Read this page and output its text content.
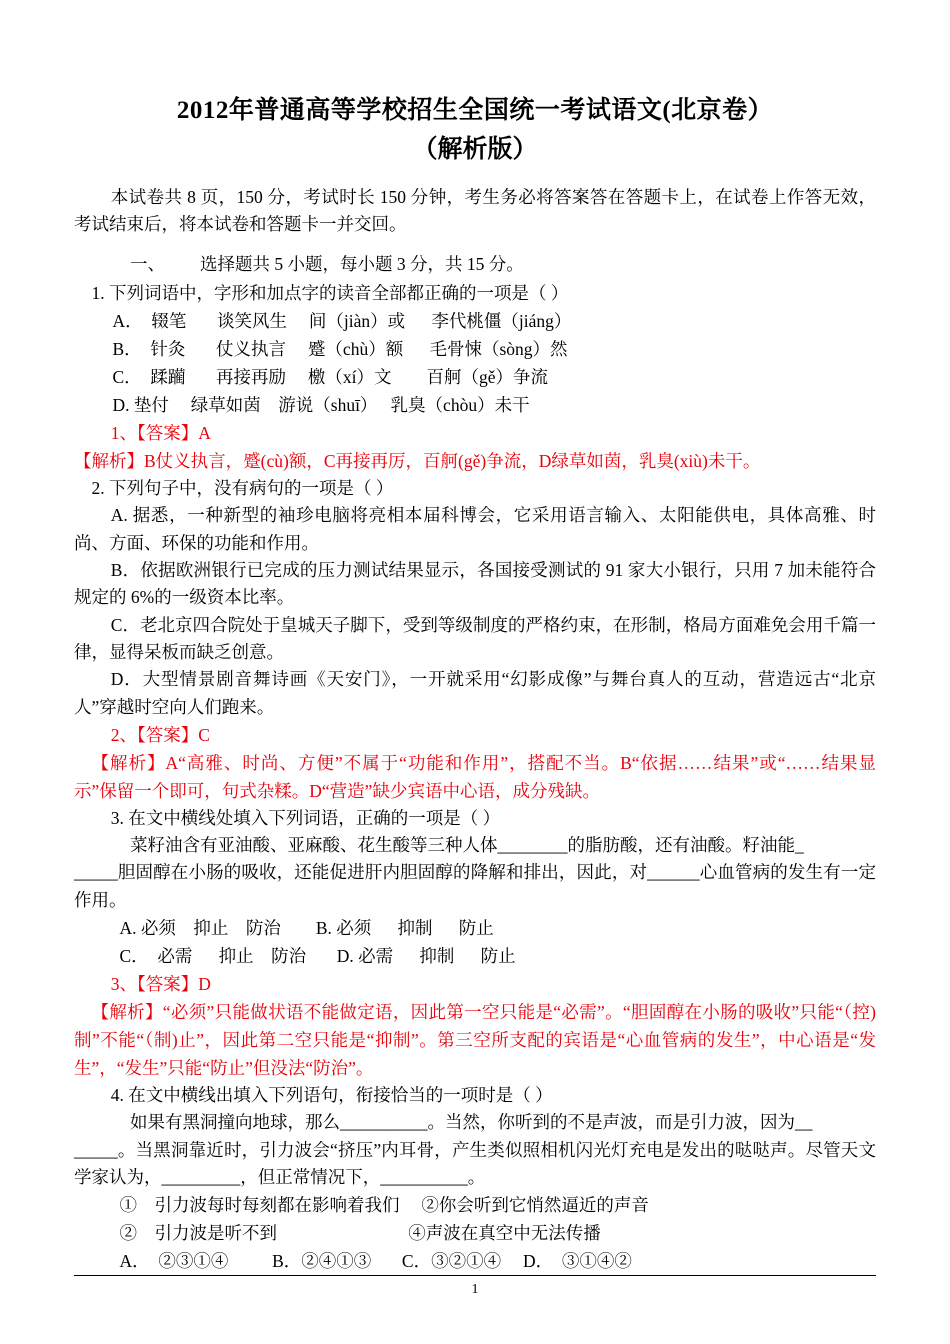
2012年普通高等学校招生全国统一考试语文(北京卷）
（解析版）

本试卷共 8 页，150 分，考试时长 150 分钟，考生务必将答案答在答题卡上，在试卷上作答无效，考试结束后，将本试卷和答题卡一并交回。

一、        选择题共 5 小题，每小题 3 分，共 15 分。

1. 下列词语中，字形和加点字的读音全部都正确的一项是（ ）

A．  辍笔       谈笑风生     间（jiàn）或      李代桃僵（jiáng）

B．  针灸       仗义执言     蹙（chù）额      毛骨悚（sòng）然

C．  蹂躏       再接再励     檄（xí）文        百舸（gě）争流

D. 垫付     绿草如茵    游说（shuī）   乳臭（chòu）未干

1、【答案】A

【解析】B仗义执言，蹙(cù)额，C再接再厉，百舸(gě)争流，D绿草如茵，乳臭(xiù)未干。

2. 下列句子中，没有病句的一项是（ ）

A. 据悉，一种新型的袖珍电脑将亮相本届科博会，它采用语言输入、太阳能供电，具体高雅、时尚、方面、环保的功能和作用。

B．依据欧洲银行已完成的压力测试结果显示，各国接受测试的 91 家大小银行，只用 7 加未能符合规定的 6%的一级资本比率。

C．老北京四合院处于皇城天子脚下，受到等级制度的严格约束，在形制，格局方面难免会用千篇一律，显得呆板而缺乏创意。

D．大型情景剧音舞诗画《天安门》，一开就采用“幻影成像”与舞台真人的互动，营造远古“北京人”穿越时空向人们跑来。

2、【答案】C

【解析】A“高雅、时尚、方便”不属于“功能和作用”，搭配不当。B“依据……结果”或“……结果显示”保留一个即可，句式杂糅。D“营造”缺少宾语中心语，成分残缺。

3. 在文中横线处填入下列词语，正确的一项是（ ）

菜籽油含有亚油酸、亚麻酸、花生酸等三种人体________的脂肪酸，还有油酸。籽油能_

_____胆固醇在小肠的吸收，还能促进肝内胆固醇的降解和排出，因此，对______心血管病的发生有一定作用。

A. 必须    抑止    防治        B. 必须      抑制      防止

C．  必需      抑止    防治       D. 必需      抑制      防止

3、【答案】D

【解析】“必须”只能做状语不能做定语，因此第一空只能是“必需”。“胆固醇在小肠的吸收”只能“（控)制”不能“（制)止”，因此第二空只能是“抑制”。第三空所支配的宾语是“心血管病的发生”，中心语是“发生”，“发生”只能“防止”但没法“防治”。

4. 在文中横线出填入下列语句，衔接恰当的一项时是（ ）

如果有黑洞撞向地球，那么__________。当然，你听到的不是声波，而是引力波，因为__

_____。当黑洞靠近时，引力波会“挤压”内耳骨，产生类似照相机闪光灯充电是发出的哒哒声。尽管天文学家认为，_________，但正常情况下，__________。

①    引力波每时每刻都在影响着我们     ②你会听到它悄然逼近的声音

②    引力波是听不到                              ④声波在真空中无法传播

A．  ②③①④          B．②④①③       C．③②①④     D．  ③①④②

1
